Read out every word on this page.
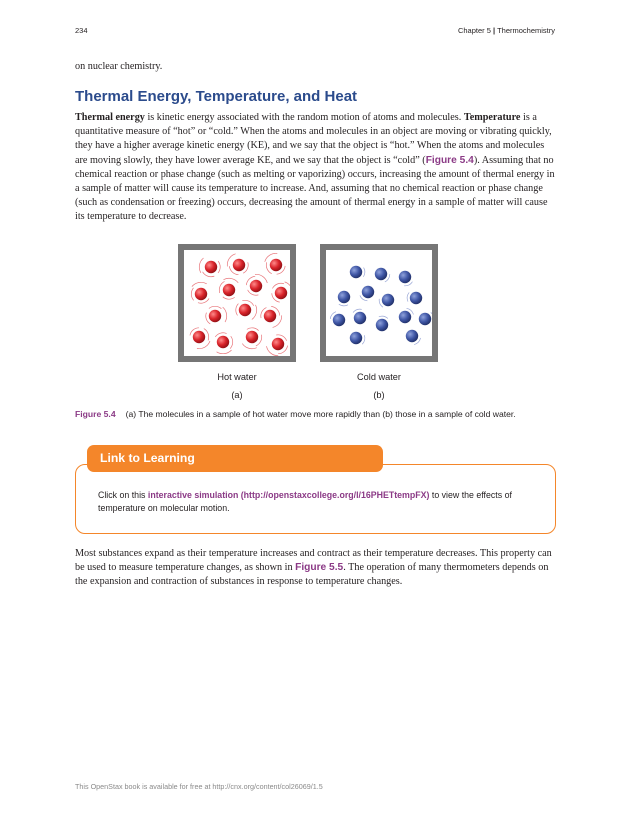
234	Chapter 5 | Thermochemistry

on nuclear chemistry.

Thermal Energy, Temperature, and Heat

Thermal energy is kinetic energy associated with the random motion of atoms and molecules. Temperature is a quantitative measure of “hot” or “cold.” When the atoms and molecules in an object are moving or vibrating quickly, they have a higher average kinetic energy (KE), and we say that the object is “hot.” When the atoms and molecules are moving slowly, they have lower average KE, and we say that the object is “cold” (Figure 5.4). Assuming that no chemical reaction or phase change (such as melting or vaporizing) occurs, increasing the amount of thermal energy in a sample of matter will cause its temperature to increase. And, assuming that no chemical reaction or phase change (such as condensation or freezing) occurs, decreasing the amount of thermal energy in a sample of matter will cause its temperature to decrease.

Hot water
(a)
Cold water
(b)
Figure 5.4 (a) The molecules in a sample of hot water move more rapidly than (b) those in a sample of cold water.
Link to Learning

Click on this interactive simulation (http://openstaxcollege.org/l/16PHETtempFX) to view the effects of temperature on molecular motion.

Most substances expand as their temperature increases and contract as their temperature decreases. This property can be used to measure temperature changes, as shown in Figure 5.5. The operation of many thermometers depends on the expansion and contraction of substances in response to temperature changes.

This OpenStax book is available for free at http://cnx.org/content/col26069/1.5
